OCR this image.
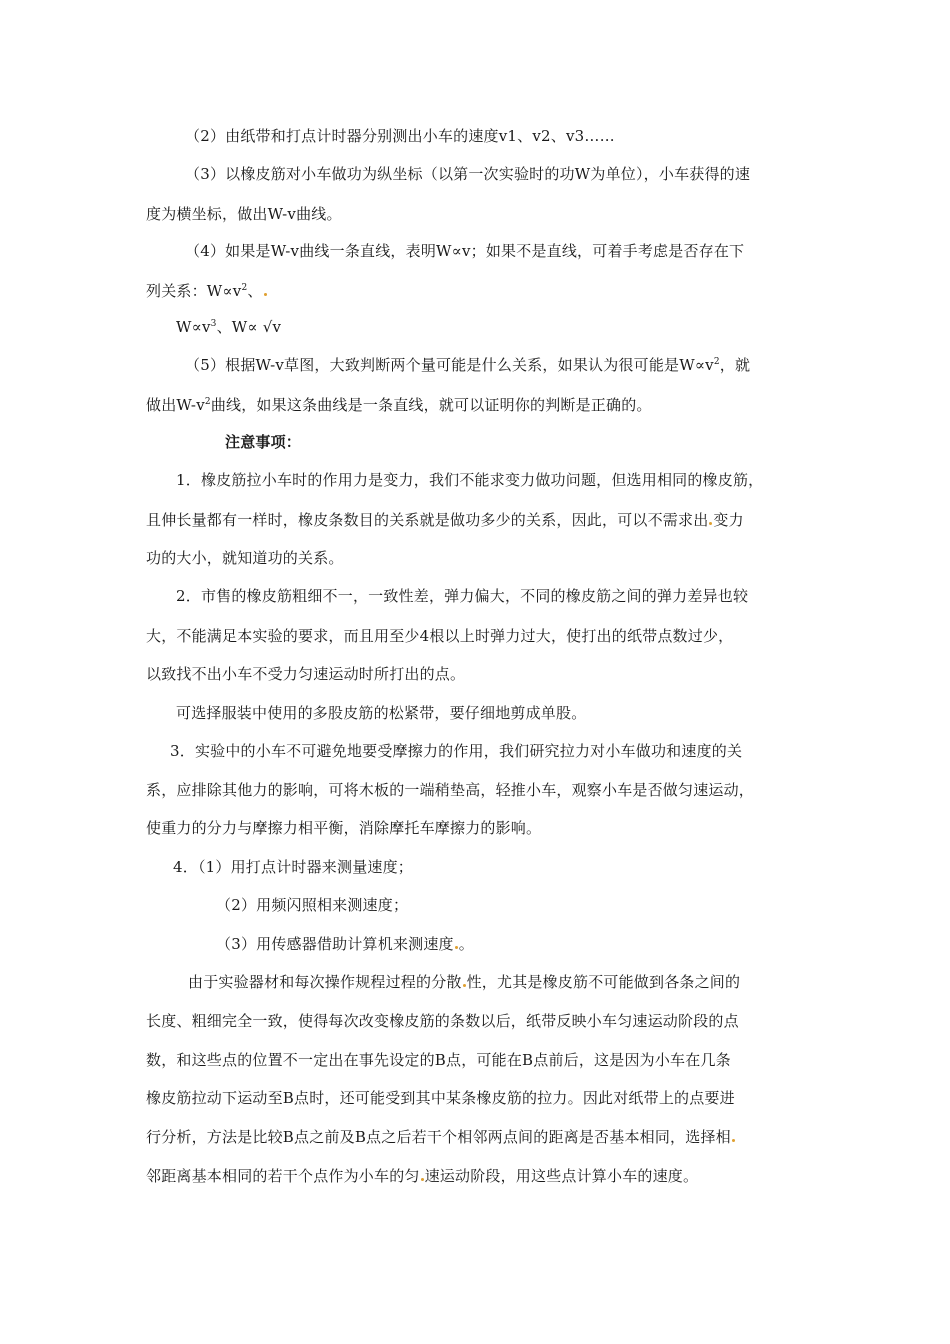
（2）由纸带和打点计时器分别测出小车的速度v1、v2、v3……
（3）以橡皮筋对小车做功为纵坐标（以第一次实验时的功W为单位），小车获得的速
度为横坐标，做出W-v曲线。
（4）如果是W-v曲线一条直线，表明W∝v；如果不是直线，可着手考虑是否存在下
列关系：$W\propto v^2$、
$W\propto v^3$、W∝ √v
（5）根据W-v草图，大致判断两个量可能是什么关系，如果认为很可能是$W\propto v^2$，就
做出$W-v^2$曲线，如果这条曲线是一条直线，就可以证明你的判断是正确的。
注意事项：
1．橡皮筋拉小车时的作用力是变力，我们不能求变力做功问题，但选用相同的橡皮筋，
且伸长量都有一样时，橡皮条数目的关系就是做功多少的关系，因此，可以不需求出 变力
功的大小，就知道功的关系。
2．市售的橡皮筋粗细不一，一致性差，弹力偏大，不同的橡皮筋之间的弹力差异也较
大，不能满足本实验的要求，而且用至少4根以上时弹力过大，使打出的纸带点数过少，
以致找不出小车不受力匀速运动时所打出的点。
可选择服装中使用的多股皮筋的松紧带，要仔细地剪成单股。
3．实验中的小车不可避免地要受摩擦力的作用，我们研究拉力对小车做功和速度的关
系，应排除其他力的影响，可将木板的一端稍垫高，轻推小车，观察小车是否做匀速运动，
使重力的分力与摩擦力相平衡，消除摩托车摩擦力的影响。
4．（1）用打点计时器来测量速度；
（2）用频闪照相来测速度；
（3）用传感器借助计算机来测速度 。
由于实验器材和每次操作规程过程的分散 性，尤其是橡皮筋不可能做到各条之间的
长度、粗细完全一致，使得每次改变橡皮筋的条数以后，纸带反映小车匀速运动阶段的点
数，和这些点的位置不一定出在事先设定的B点，可能在B点前后，这是因为小车在几条
橡皮筋拉动下运动至B点时，还可能受到其中某条橡皮筋的拉力。因此对纸带上的点要进
行分析，方法是比较B点之前及B点之后若干个相邻两点间的距离是否基本相同，选择相
邻距离基本相同的若干个点作为小车的匀 速运动阶段，用这些点计算小车的速度。
